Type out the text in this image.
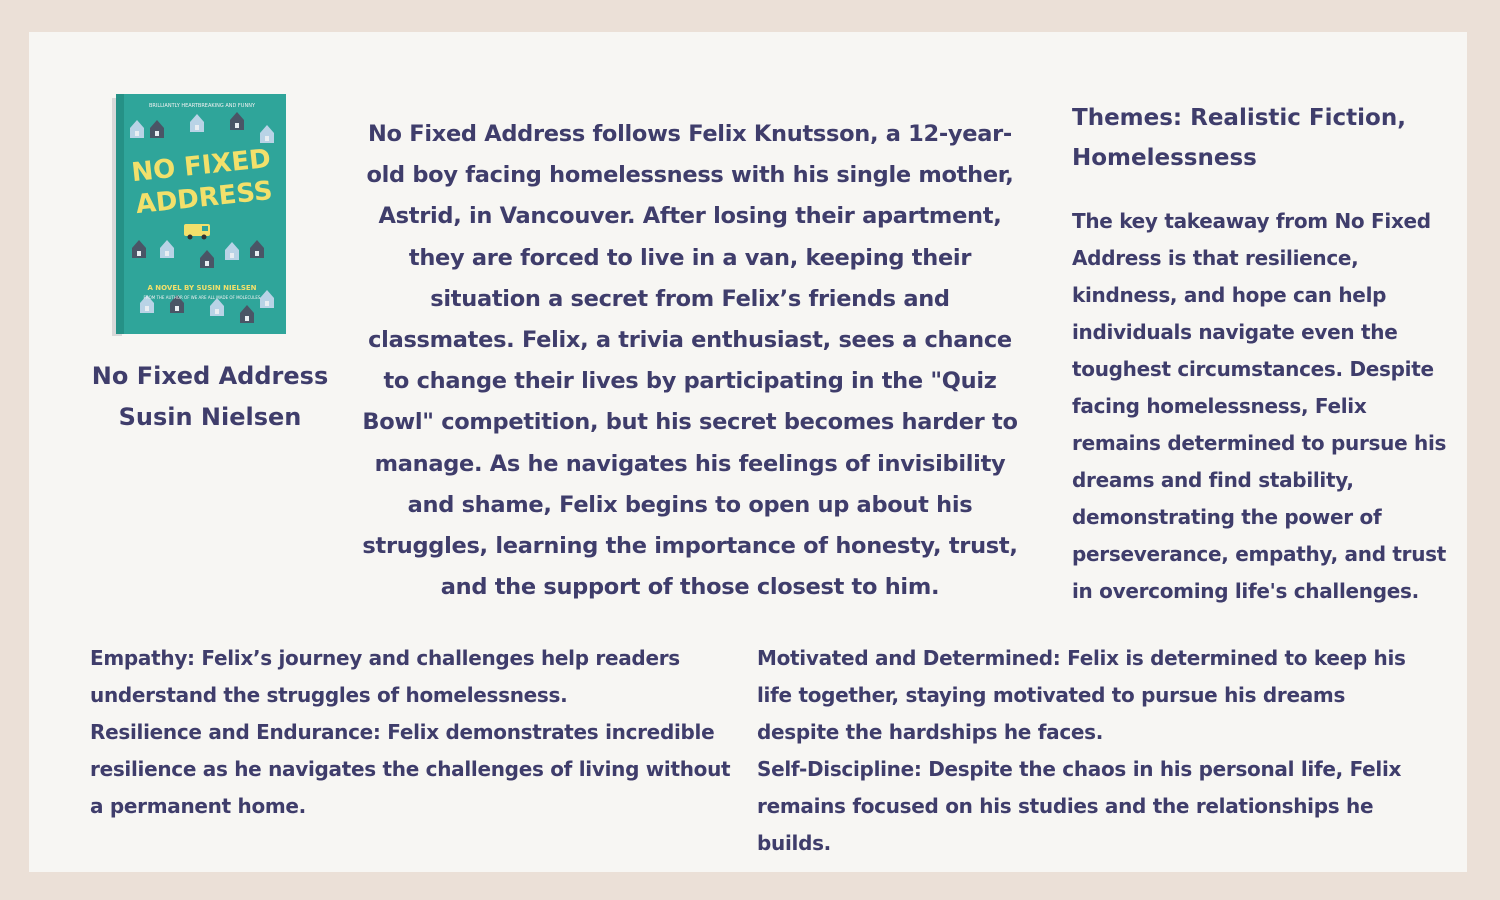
BRILLIANTLY HEARTBREAKING AND FUNNY
NO FIXED
ADDRESS
A NOVEL BY SUSIN NIELSEN
FROM THE AUTHOR OF WE ARE ALL MADE OF MOLECULES
No Fixed Address
Susin Nielsen
No Fixed Address follows Felix Knutsson, a 12-year-old boy facing homelessness with his single mother, Astrid, in Vancouver. After losing their apartment, they are forced to live in a van, keeping their situation a secret from Felix’s friends and classmates. Felix, a trivia enthusiast, sees a chance to change their lives by participating in the "Quiz Bowl" competition, but his secret becomes harder to manage. As he navigates his feelings of invisibility and shame, Felix begins to open up about his struggles, learning the importance of honesty, trust, and the support of those closest to him.
Themes: Realistic Fiction, Homelessness
The key takeaway from No Fixed Address is that resilience, kindness, and hope can help individuals navigate even the toughest circumstances. Despite facing homelessness, Felix remains determined to pursue his dreams and find stability, demonstrating the power of perseverance, empathy, and trust in overcoming life's challenges.

Empathy: Felix’s journey and challenges help readers understand the struggles of homelessness.

Resilience and Endurance: Felix demonstrates incredible resilience as he navigates the challenges of living without a permanent home.

Motivated and Determined: Felix is determined to keep his life together, staying motivated to pursue his dreams despite the hardships he faces.

Self-Discipline: Despite the chaos in his personal life, Felix remains focused on his studies and the relationships he builds.
